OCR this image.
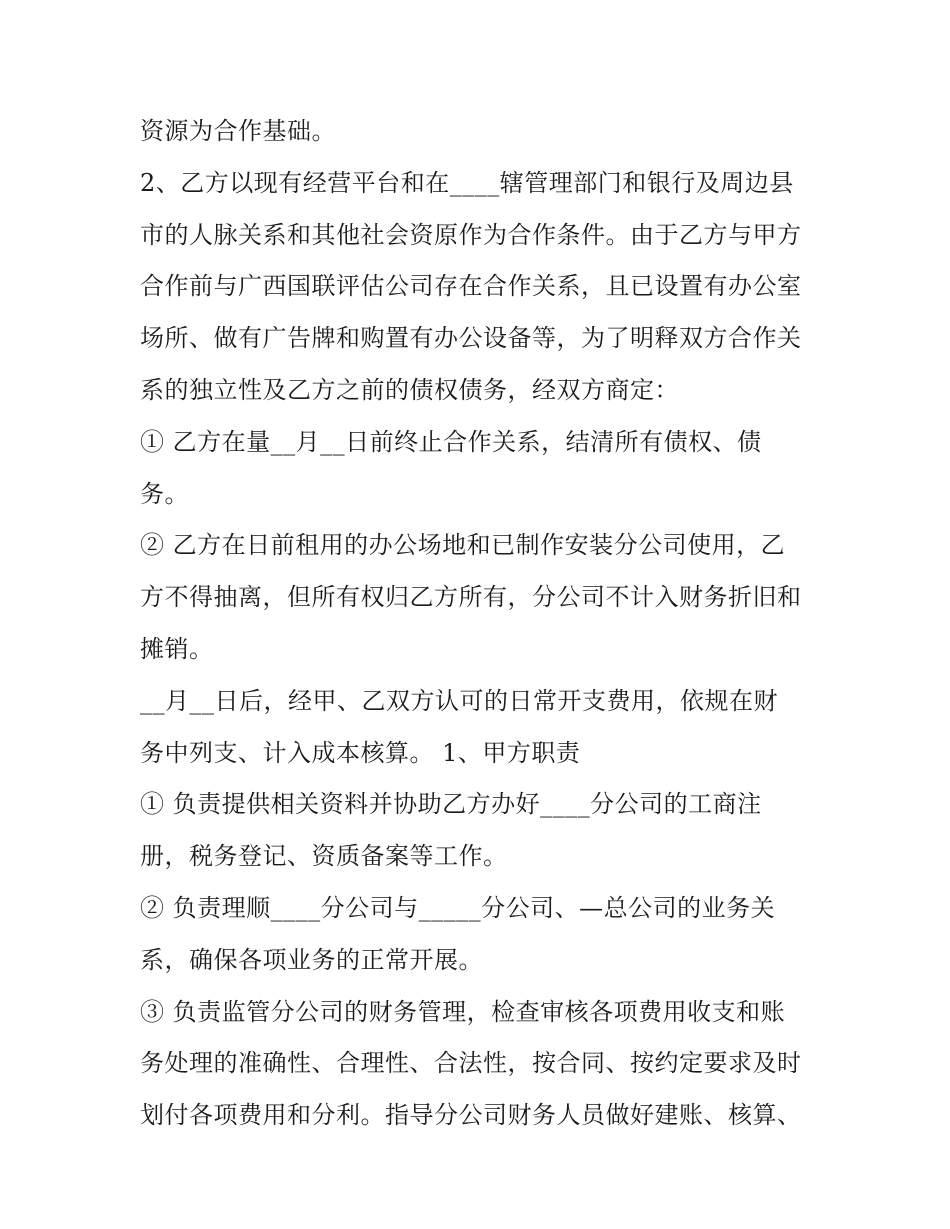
资源为合作基础。
2、乙方以现有经营平台和在____辖管理部门和银行及周边县
市的人脉关系和其他社会资原作为合作条件。由于乙方与甲方
合作前与广西国联评估公司存在合作关系，且已设置有办公室
场所、做有广告牌和购置有办公设备等，为了明释双方合作关
系的独立性及乙方之前的债权债务，经双方商定：
① 乙方在量__月__日前终止合作关系，结清所有债权、债
务。
② 乙方在日前租用的办公场地和已制作安装分公司使用，乙
方不得抽离，但所有权归乙方所有，分公司不计入财务折旧和
摊销。
__月__日后，经甲、乙双方认可的日常开支费用，依规在财
务中列支、计入成本核算。 1、甲方职责
① 负责提供相关资料并协助乙方办好____分公司的工商注
册，税务登记、资质备案等工作。
② 负责理顺____分公司与_____分公司、—总公司的业务关
系，确保各项业务的正常开展。
③ 负责监管分公司的财务管理，检查审核各项费用收支和账
务处理的准确性、合理性、合法性，按合同、按约定要求及时
划付各项费用和分利。指导分公司财务人员做好建账、核算、
